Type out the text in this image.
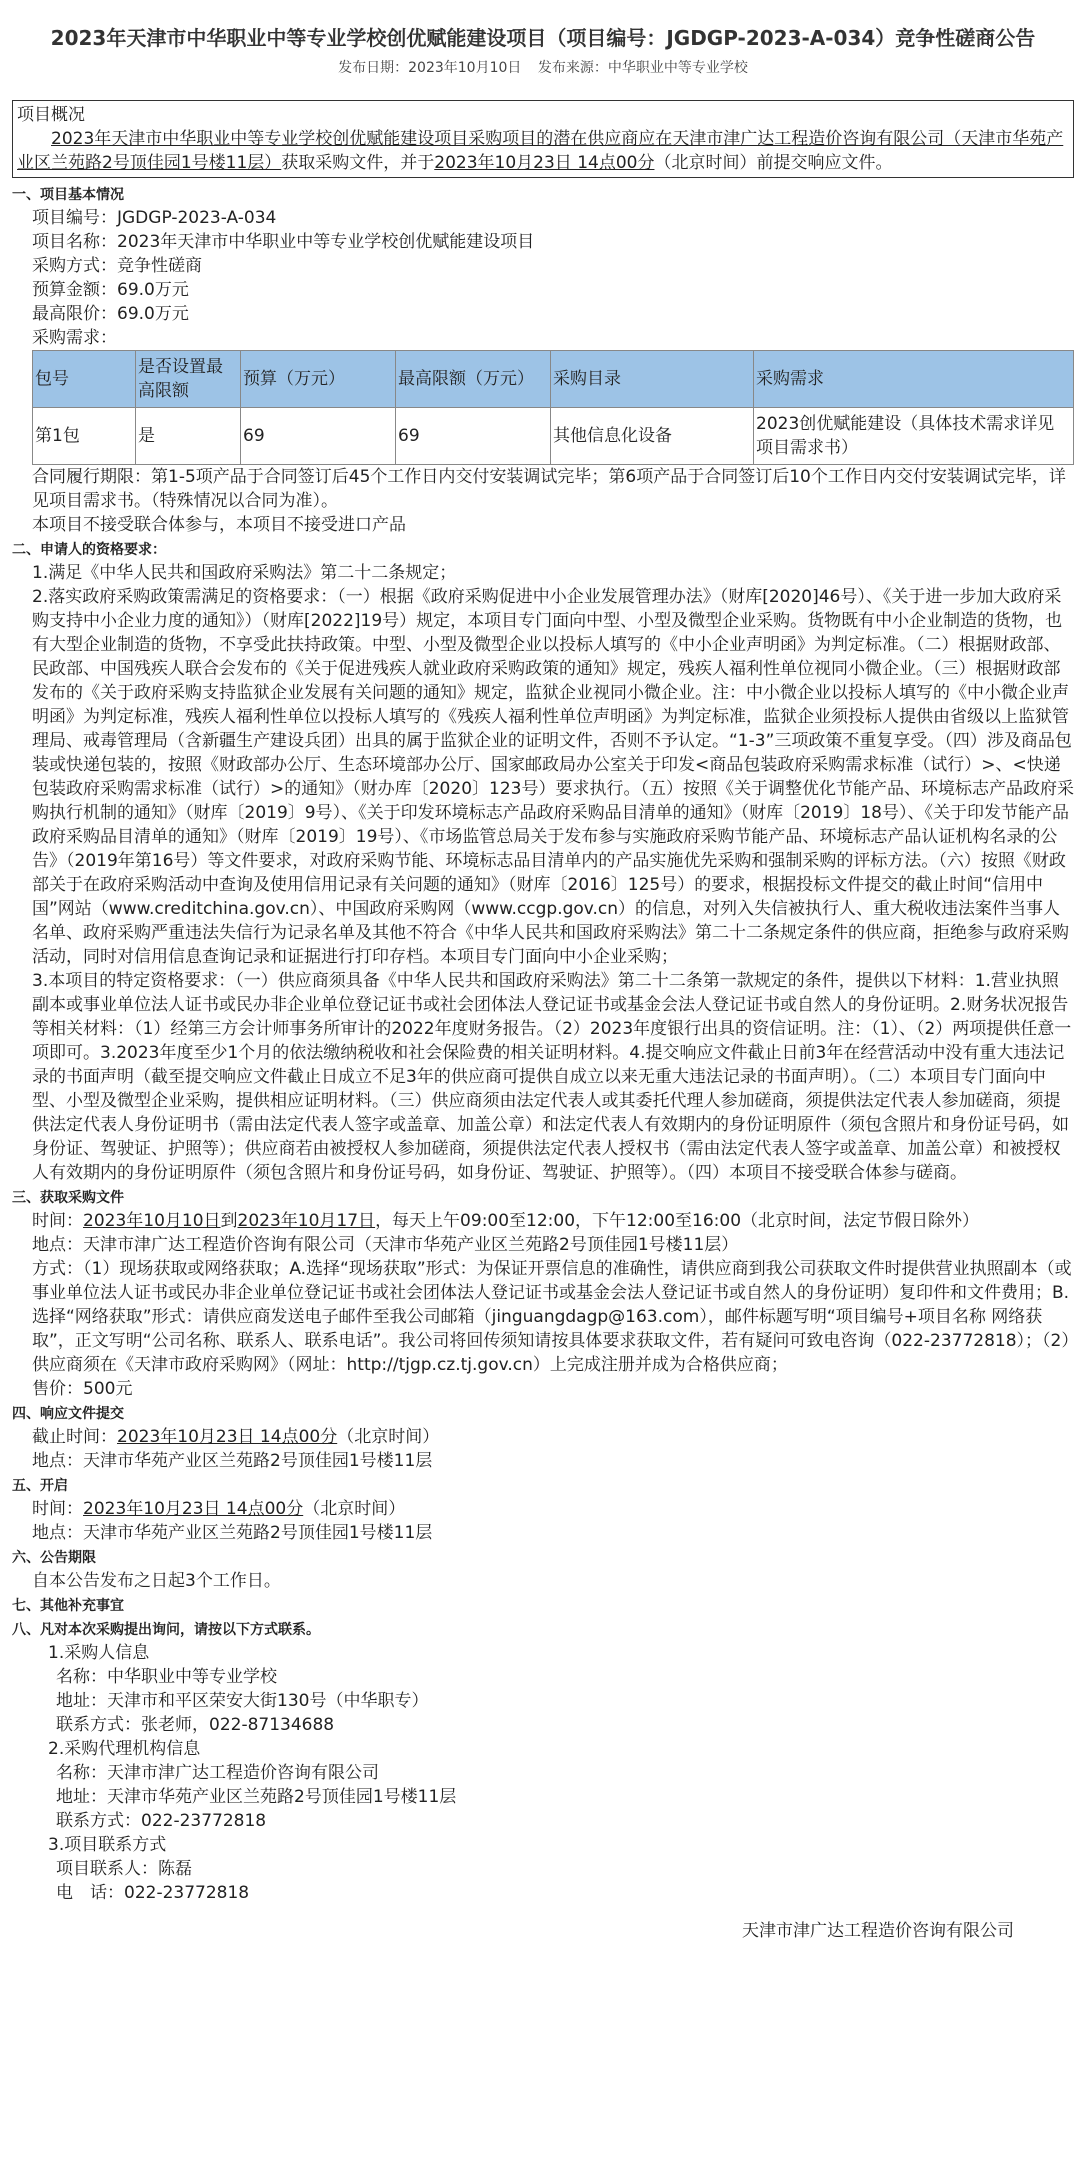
2023年天津市中华职业中等专业学校创优赋能建设项目（项目编号：JGDGP-2023-A-034）竞争性磋商公告
发布日期：2023年10月10日 发布来源：中华职业中等专业学校
项目概况
2023年天津市中华职业中等专业学校创优赋能建设项目采购项目的潜在供应商应在天津市津广达工程造价咨询有限公司（天津市华苑产业区兰苑路2号顶佳园1号楼11层）获取采购文件，并于2023年10月23日 14点00分（北京时间）前提交响应文件。
一、项目基本情况
项目编号：JGDGP-2023-A-034
项目名称：2023年天津市中华职业中等专业学校创优赋能建设项目
采购方式：竞争性磋商
预算金额：69.0万元
最高限价：69.0万元
采购需求：
包号	是否设置最高限额	预算（万元）	最高限额（万元）	采购目录	采购需求
第1包	是	69	69	其他信息化设备	2023创优赋能建设（具体技术需求详见项目需求书）
合同履行期限：第1-5项产品于合同签订后45个工作日内交付安装调试完毕；第6项产品于合同签订后10个工作日内交付安装调试完毕，详见项目需求书。（特殊情况以合同为准）。
本项目不接受联合体参与，本项目不接受进口产品
二、申请人的资格要求：
1.满足《中华人民共和国政府采购法》第二十二条规定；
2.落实政府采购政策需满足的资格要求：（一）根据《政府采购促进中小企业发展管理办法》（财库[2020]46号）、《关于进一步加大政府采购支持中小企业力度的通知》）（财库[2022]19号）规定，本项目专门面向中型、小型及微型企业采购。货物既有中小企业制造的货物，也有大型企业制造的货物，不享受此扶持政策。中型、小型及微型企业以投标人填写的《中小企业声明函》为判定标准。（二）根据财政部、民政部、中国残疾人联合会发布的《关于促进残疾人就业政府采购政策的通知》规定，残疾人福利性单位视同小微企业。（三）根据财政部发布的《关于政府采购支持监狱企业发展有关问题的通知》规定，监狱企业视同小微企业。注：中小微企业以投标人填写的《中小微企业声明函》为判定标准，残疾人福利性单位以投标人填写的《残疾人福利性单位声明函》为判定标准，监狱企业须投标人提供由省级以上监狱管理局、戒毒管理局（含新疆生产建设兵团）出具的属于监狱企业的证明文件，否则不予认定。“1-3”三项政策不重复享受。（四）涉及商品包装或快递包装的，按照《财政部办公厅、生态环境部办公厅、国家邮政局办公室关于印发<商品包装政府采购需求标准（试行）>、<快递包装政府采购需求标准（试行）>的通知》（财办库〔2020〕123号）要求执行。（五）按照《关于调整优化节能产品、环境标志产品政府采购执行机制的通知》（财库〔2019〕9号）、《关于印发环境标志产品政府采购品目清单的通知》（财库〔2019〕18号）、《关于印发节能产品政府采购品目清单的通知》（财库〔2019〕19号）、《市场监管总局关于发布参与实施政府采购节能产品、环境标志产品认证机构名录的公告》（2019年第16号）等文件要求，对政府采购节能、环境标志品目清单内的产品实施优先采购和强制采购的评标方法。（六）按照《财政部关于在政府采购活动中查询及使用信用记录有关问题的通知》（财库〔2016〕125号）的要求，根据投标文件提交的截止时间“信用中国”网站（www.creditchina.gov.cn）、中国政府采购网（www.ccgp.gov.cn）的信息，对列入失信被执行人、重大税收违法案件当事人名单、政府采购严重违法失信行为记录名单及其他不符合《中华人民共和国政府采购法》第二十二条规定条件的供应商，拒绝参与政府采购活动，同时对信用信息查询记录和证据进行打印存档。本项目专门面向中小企业采购；
3.本项目的特定资格要求：（一）供应商须具备《中华人民共和国政府采购法》第二十二条第一款规定的条件，提供以下材料：1.营业执照副本或事业单位法人证书或民办非企业单位登记证书或社会团体法人登记证书或基金会法人登记证书或自然人的身份证明。2.财务状况报告等相关材料：（1）经第三方会计师事务所审计的2022年度财务报告。（2）2023年度银行出具的资信证明。注：（1）、（2）两项提供任意一项即可。3.2023年度至少1个月的依法缴纳税收和社会保险费的相关证明材料。4.提交响应文件截止日前3年在经营活动中没有重大违法记录的书面声明（截至提交响应文件截止日成立不足3年的供应商可提供自成立以来无重大违法记录的书面声明）。（二）本项目专门面向中型、小型及微型企业采购，提供相应证明材料。（三）供应商须由法定代表人或其委托代理人参加磋商，须提供法定代表人参加磋商，须提供法定代表人身份证明书（需由法定代表人签字或盖章、加盖公章）和法定代表人有效期内的身份证明原件（须包含照片和身份证号码，如身份证、驾驶证、护照等）；供应商若由被授权人参加磋商，须提供法定代表人授权书（需由法定代表人签字或盖章、加盖公章）和被授权人有效期内的身份证明原件（须包含照片和身份证号码，如身份证、驾驶证、护照等）。（四）本项目不接受联合体参与磋商。
三、获取采购文件
时间：2023年10月10日到2023年10月17日，每天上午09:00至12:00，下午12:00至16:00（北京时间，法定节假日除外）
地点：天津市津广达工程造价咨询有限公司（天津市华苑产业区兰苑路2号顶佳园1号楼11层）
方式：（1）现场获取或网络获取；A.选择“现场获取”形式：为保证开票信息的准确性，请供应商到我公司获取文件时提供营业执照副本（或事业单位法人证书或民办非企业单位登记证书或社会团体法人登记证书或基金会法人登记证书或自然人的身份证明）复印件和文件费用；B.选择“网络获取”形式：请供应商发送电子邮件至我公司邮箱（jinguangdagp@163.com），邮件标题写明“项目编号+项目名称 网络获取”，正文写明“公司名称、联系人、联系电话”。我公司将回传须知请按具体要求获取文件，若有疑问可致电咨询（022-23772818）；（2）供应商须在《天津市政府采购网》（网址：http://tjgp.cz.tj.gov.cn）上完成注册并成为合格供应商；
售价：500元
四、响应文件提交
截止时间：2023年10月23日 14点00分（北京时间）
地点：天津市华苑产业区兰苑路2号顶佳园1号楼11层
五、开启
时间：2023年10月23日 14点00分（北京时间）
地点：天津市华苑产业区兰苑路2号顶佳园1号楼11层
六、公告期限
自本公告发布之日起3个工作日。
七、其他补充事宜
八、凡对本次采购提出询问，请按以下方式联系。
1.采购人信息
名称：中华职业中等专业学校
地址：天津市和平区荣安大街130号（中华职专）
联系方式：张老师，022-87134688
2.采购代理机构信息
名称：天津市津广达工程造价咨询有限公司
地址：天津市华苑产业区兰苑路2号顶佳园1号楼11层
联系方式：022-23772818
3.项目联系方式
项目联系人：陈磊
电　话：022-23772818
天津市津广达工程造价咨询有限公司
